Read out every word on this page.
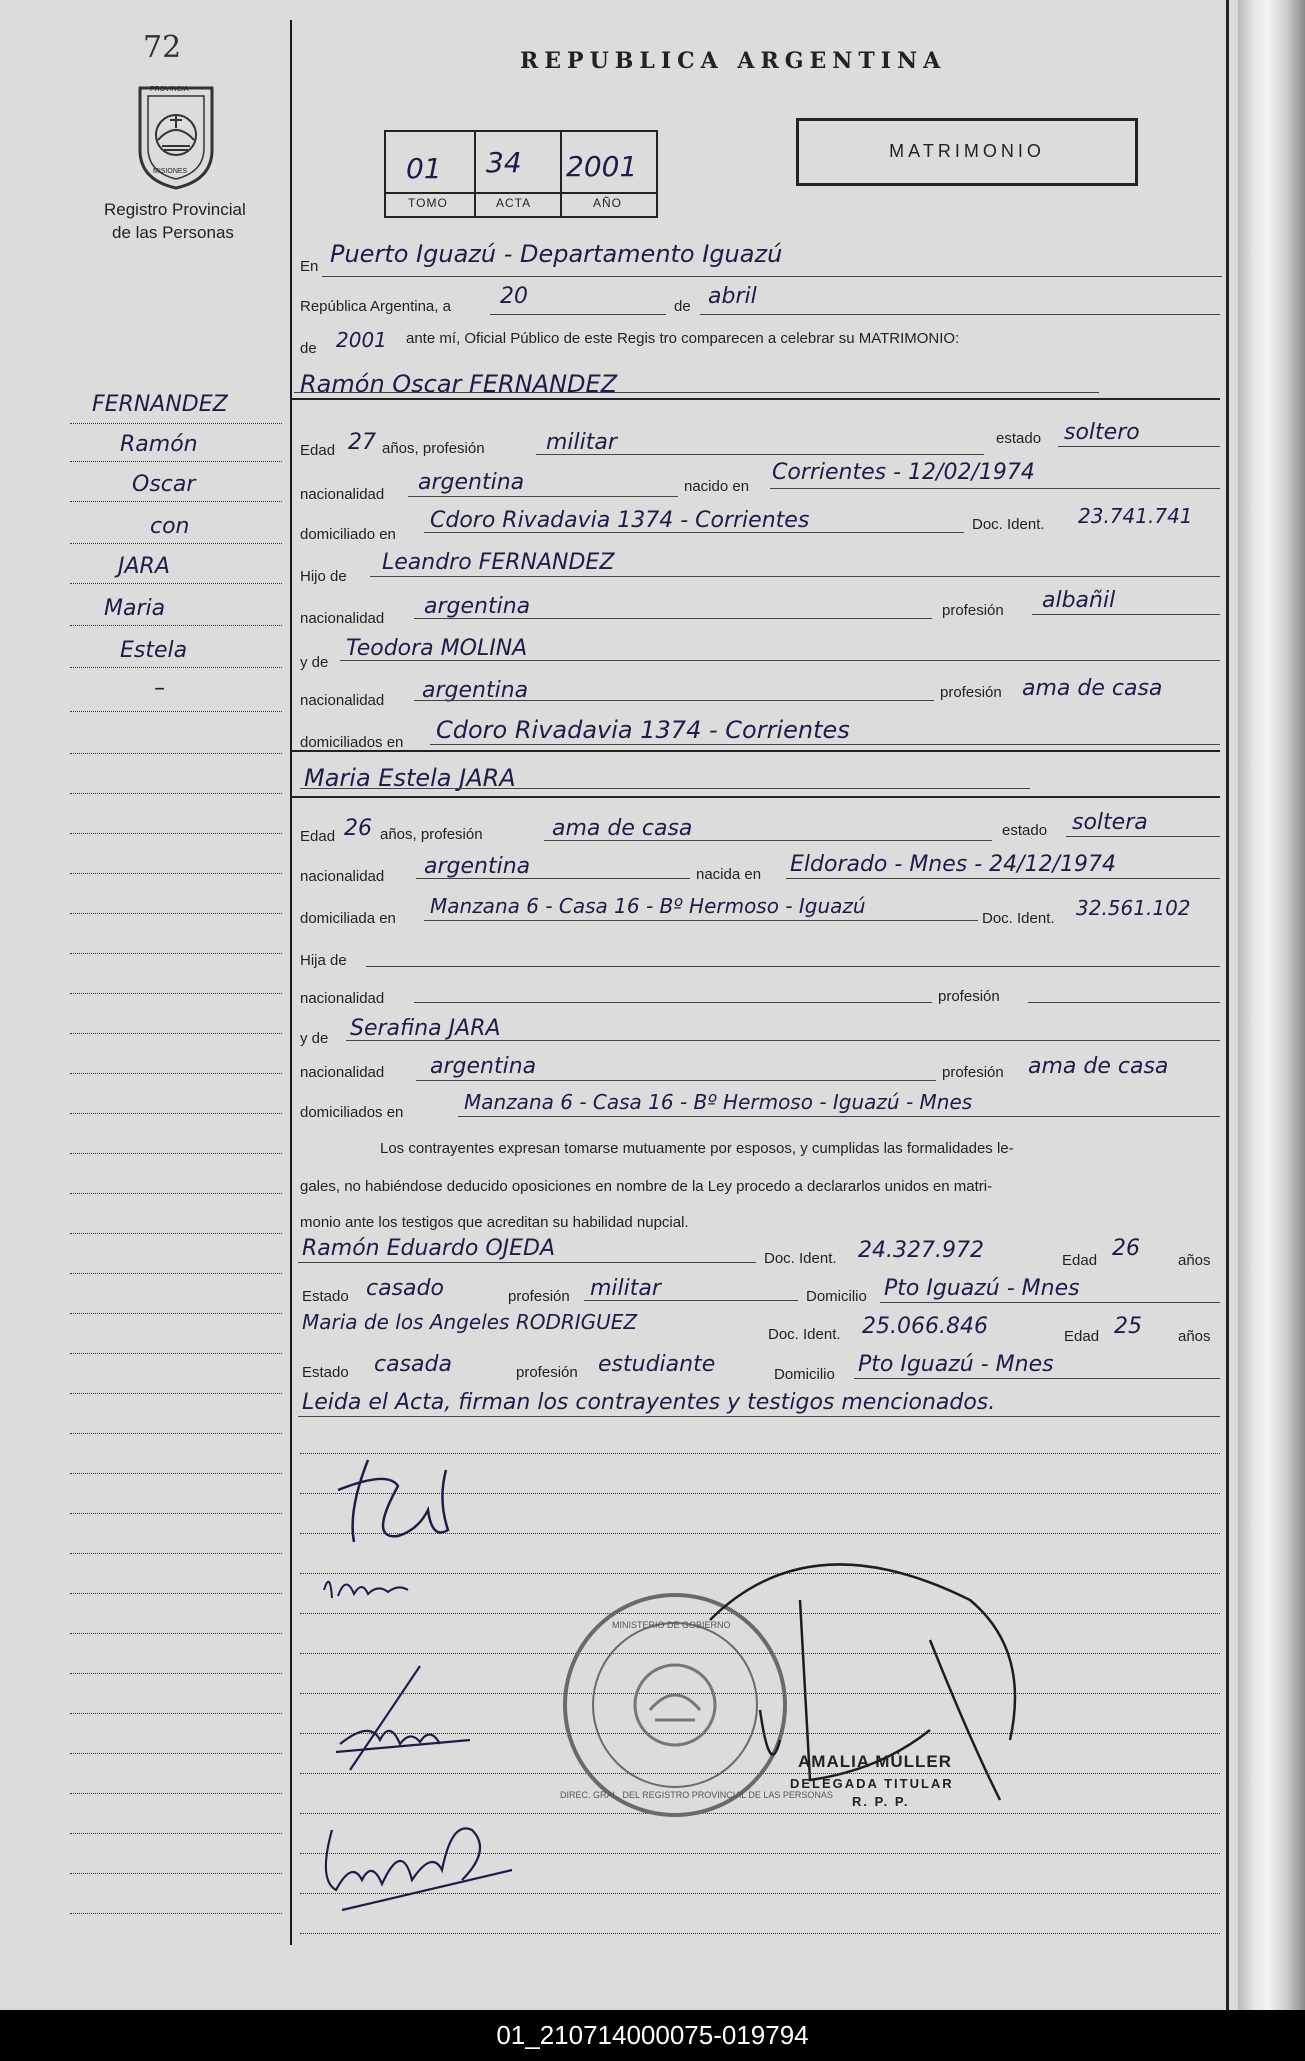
72
PROVINCIA
MISIONES
Registro Provincial
de las Personas
REPUBLICA ARGENTINA
01 34 2001
TOMO	ACTA	AÑO
MATRIMONIO
FERNANDEZ
Ramón
Oscar
con
JARA
Maria
Estela
–
En Puerto Iguazú - Departamento Iguazú
República Argentina, a 20	de abril
de 2001 ante mí, Oficial Público de este Regis tro comparecen a celebrar su MATRIMONIO:
Ramón Oscar FERNANDEZ
Edad 27 años, profesión	militar	estado soltero
nacionalidad argentina	nacido en
Corrientes - 12/02/1974
domiciliado en
Cdoro Rivadavia 1374 - Corrientes	Doc. Ident. 23.741.741
Hijo de
Leandro FERNANDEZ
nacionalidad argentina	profesión albañil
y de
Teodora MOLINA
nacionalidad argentina	profesión ama de casa
domiciliados en Cdoro Rivadavia 1374 - Corrientes
Maria Estela JARA
Edad 26 años, profesión	ama de casa	estado soltera
nacionalidad argentina	nacida en Eldorado - Mnes - 24/12/1974
domiciliada en
Manzana 6 - Casa 16 - Bº Hermoso - Iguazú
Doc. Ident. 32.561.102
Hija de
nacionalidad	profesión
y de Serafina JARA
nacionalidad argentina	profesión ama de casa
domiciliados en	Manzana 6 - Casa 16 - Bº Hermoso - Iguazú - Mnes
Los contrayentes expresan tomarse mutuamente por esposos, y cumplidas las formalidades le-
gales, no habiéndose deducido oposiciones en nombre de la Ley procedo a declararlos unidos en matri-
monio ante los testigos que acreditan su habilidad nupcial.
Ramón Eduardo OJEDA	Doc. Ident. 24.327.972	Edad 26	años
Estado casado	profesión militar	Domicilio Pto Iguazú - Mnes
Maria de los Angeles RODRIGUEZ
Doc. Ident. 25.066.846	Edad 25 años
Estado casada	profesión estudiante	Domicilio Pto Iguazú - Mnes
Leida el Acta, firman los contrayentes y testigos mencionados.
DIREC. GRAL. DEL REGISTRO PROVINCIAL DE LAS PERSONAS
MINISTERIO DE GOBIERNO
AMALIA MÜLLER
DELEGADA TITULAR
R. P. P.
01_210714000075-019794
